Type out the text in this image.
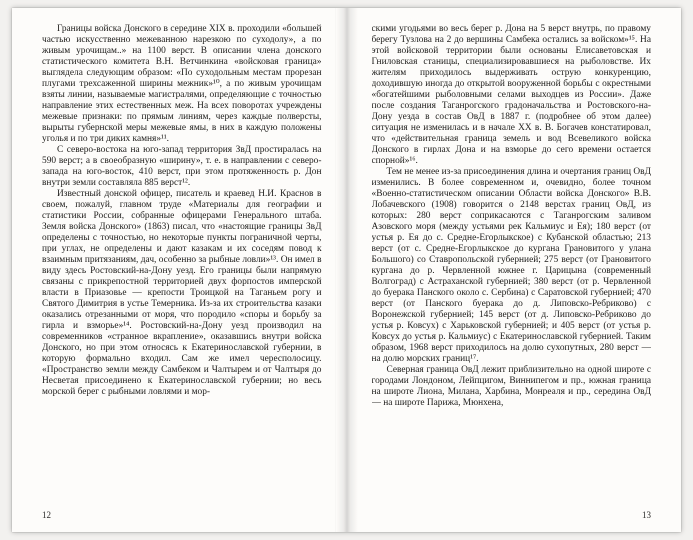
Границы войска Донского в середине XIX в. проходили «большей частью искусственно межеванною нарезкою по суходолу», а по живым урочищам..» на 1100 верст. В описании члена донского статистического комитета В.Н. Ветчинкина «войсковая граница» выглядела следующим образом: «По суходольным местам прорезан плугами трехсаженной ширины межник»¹⁰, а по живым урочищам взяты линии, называемые магистралями, определяющие с точностью направление этих естественных меж. На всех поворотах учреждены межевые признаки: по прямым линиям, через каждые полверсты, вырыты губернской меры межевые ямы, в них в каждую положены уголья и по три диких камня»¹¹.

С северо-востока на юго-запад территория ЗвД простиралась на 590 верст; а в своеобразную «ширину», т. е. в направлении с северо-запада на юго-восток, 410 верст, при этом протяженность р. Дон внутри земли составляла 885 верст¹².

Известный донской офицер, писатель и краевед Н.И. Краснов в своем, пожалуй, главном труде «Материалы для географии и статистики России, собранные офицерами Генерального штаба. Земля войска Донского» (1863) писал, что «настоящие границы ЗвД определены с точностью, но некоторые пункты пограничной черты, при углах, не определены и дают казакам и их соседям повод к взаимным притязаниям, дач, особенно за рыбные ловли»¹³. Он имел в виду здесь Ростовский-на-Дону уезд. Его границы были напрямую связаны с прикрепостной территорией двух форпостов имперской власти в Приазовье — крепости Троицкой на Таганьем рогу и Святого Димитрия в устье Темерника. Из-за их строительства казаки оказались отрезанными от моря, что породило «споры и борьбу за гирла и взморье»¹⁴. Ростовский-на-Дону уезд производил на современников «странное вкрапление», оказавшись внутри войска Донского, но при этом относясь к Екатеринославской губернии, в которую формально входил. Сам же имел чересполосицу. «Пространство земли между Самбеком и Чалтырем и от Чалтыря до Несветая присоединено к Екатеринославской губернии; но весь морской берег с рыбными ловлями и мор-

12

скими угодьями во весь берег р. Дона на 5 верст внутрь, по правому берегу Тузлова на 2 до вершины Самбека остались за войском»¹⁵. На этой войсковой территории были основаны Елисаветовская и Гниловская станицы, специализировавшиеся на рыболовстве. Их жителям приходилось выдерживать острую конкуренцию, доходившую иногда до открытой вооруженной борьбы с окрестными «богатейшими рыболовными селами выходцев из России». Даже после создания Таганрогского градоначальства и Ростовского-на-Дону уезда в состав ОвД в 1887 г. (подробнее об этом далее) ситуация не изменилась и в начале XX в. В. Богачев констатировал, что «действительная граница земель и вод Всевеликого войска Донского в гирлах Дона и на взморье до сего времени остается спорной»¹⁶.

Тем не менее из-за присоединения длина и очертания границ ОвД изменились. В более современном и, очевидно, более точном «Военно-статистическом описании Области войска Донского» В.В. Лобачевского (1908) говорится о 2148 верстах границ ОвД, из которых: 280 верст соприкасаются с Таганрогским заливом Азовского моря (между устьями рек Кальмиус и Ея); 180 верст (от устья р. Ея до с. Средне-Егорлыкское) с Кубанской областью; 213 верст (от с. Средне-Егорлыкское до кургана Грановитого у улана Большого) со Ставропольской губернией; 275 верст (от Грановитого кургана до р. Червленной южнее г. Царицына (современный Волгоград) с Астраханской губернией; 380 верст (от р. Червленной до буерака Панского около с. Сербина) с Саратовской губернией; 470 верст (от Панского буерака до д. Липовско-Ребриково) с Воронежской губернией; 145 верст (от д. Липовско-Ребриково до устья р. Ковсух) с Харьковской губернией; и 405 верст (от устья р. Ковсух до устья р. Кальмиус) с Екатеринославской губернией. Таким образом, 1968 верст приходилось на долю сухопутных, 280 верст — на долю морских границ¹⁷.

Северная граница ОвД лежит приблизительно на одной широте с городами Лондоном, Лейпцигом, Виннипегом и пр., южная граница на широте Лиона, Милана, Харбина, Монреаля и пр., середина ОвД — на широте Парижа, Мюнхена,

13
